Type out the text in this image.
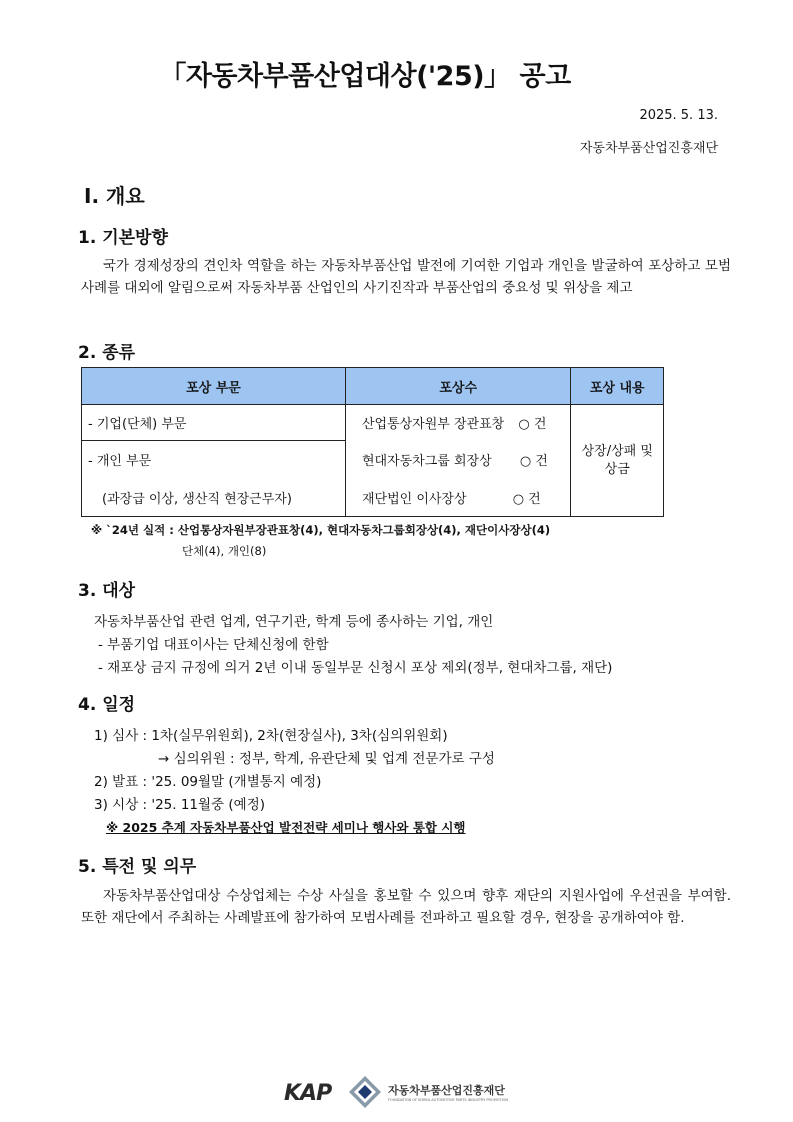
「자동차부품산업대상('25)」 공고
2025. 5. 13.
자동차부품산업진흥재단
Ⅰ. 개요
1. 기본방향
국가 경제성장의 견인차 역할을 하는 자동차부품산업 발전에 기여한 기업과 개인을 발굴하여 포상하고 모범사례를 대외에 알림으로써 자동차부품 산업인의 사기진작과 부품산업의 중요성 및 위상을 제고
2. 종류
포상 부문	포상수	포상 내용
- 기업(단체) 부문	산업통상자원부 장관표창 ○ 건	상장/상패 및 상금
- 개인 부문	현대자동차그룹 회장상 ○ 건	
(과장급 이상, 생산직 현장근무자)	재단법인 이사장상 ○ 건	
※ `24년 실적 : 산업통상자원부장관표창(4), 현대자동차그룹회장상(4), 재단이사장상(4)
단체(4), 개인(8)
3. 대상
자동차부품산업 관련 업계, 연구기관, 학계 등에 종사하는 기업, 개인
- 부품기업 대표이사는 단체신청에 한함
- 재포상 금지 규정에 의거 2년 이내 동일부문 신청시 포상 제외(정부, 현대차그룹, 재단)
4. 일정
1) 심사 : 1차(실무위원회), 2차(현장실사), 3차(심의위원회)
→ 심의위원 : 정부, 학계, 유관단체 및 업계 전문가로 구성
2) 발표 : '25. 09월말 (개별통지 예정)
3) 시상 : '25. 11월중 (예정)
※ 2025 추계 자동차부품산업 발전전략 세미나 행사와 통합 시행
5. 특전 및 의무
자동차부품산업대상 수상업체는 수상 사실을 홍보할 수 있으며 향후 재단의 지원사업에 우선권을 부여함. 또한 재단에서 주최하는 사례발표에 참가하여 모범사례를 전파하고 필요할 경우, 현장을 공개하여야 함.
KAP	자동차부품산업진흥재단
FOUNDATION OF KOREA AUTOMOTIVE PARTS INDUSTRY PROMOTION
